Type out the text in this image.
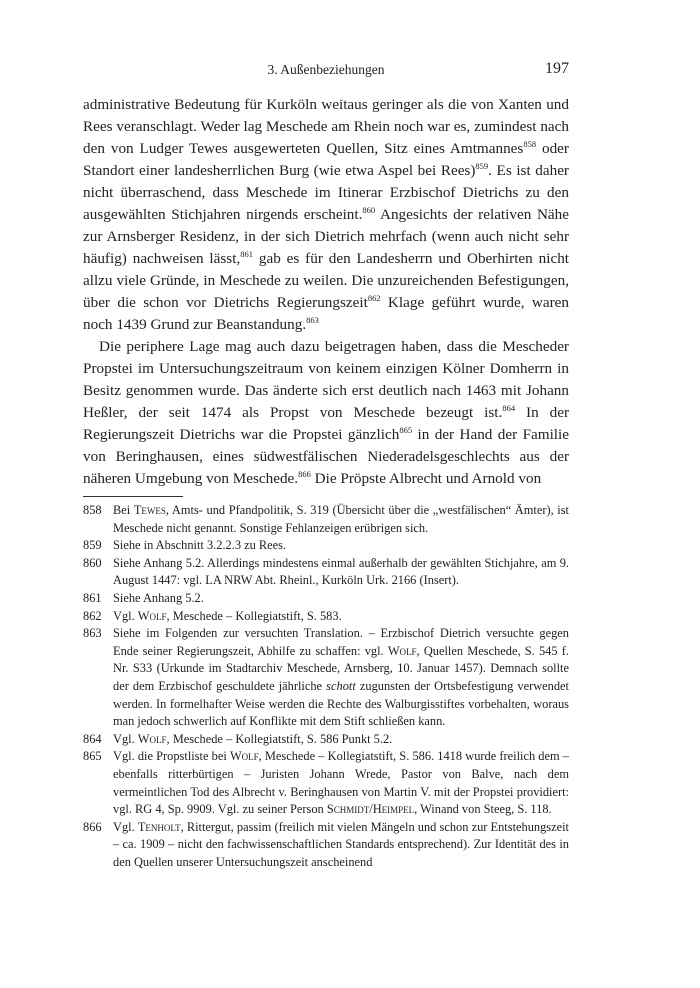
3. Außenbeziehungen	197

administrative Bedeutung für Kurköln weitaus geringer als die von Xanten und Rees veranschlagt. Weder lag Meschede am Rhein noch war es, zumindest nach den von Ludger Tewes ausgewerteten Quellen, Sitz eines Amtmannes$^{858}$ oder Standort einer landesherrlichen Burg (wie etwa Aspel bei Rees)$^{859}$. Es ist daher nicht überraschend, dass Meschede im Itinerar Erzbischof Dietrichs zu den ausgewählten Stichjahren nirgends erscheint.$^{860}$ Angesichts der relativen Nähe zur Arnsberger Residenz, in der sich Dietrich mehrfach (wenn auch nicht sehr häufig) nachweisen lässt,$^{861}$ gab es für den Landesherrn und Oberhirten nicht allzu viele Gründe, in Meschede zu weilen. Die unzureichenden Befestigungen, über die schon vor Dietrichs Regierungszeit$^{862}$ Klage geführt wurde, waren noch 1439 Grund zur Beanstandung.$^{863}$

Die periphere Lage mag auch dazu beigetragen haben, dass die Mescheder Propstei im Untersuchungszeitraum von keinem einzigen Kölner Domherrn in Besitz genommen wurde. Das änderte sich erst deutlich nach 1463 mit Johann Heßler, der seit 1474 als Propst von Meschede bezeugt ist.$^{864}$ In der Regierungszeit Dietrichs war die Propstei gänzlich$^{865}$ in der Hand der Familie von Beringhausen, eines südwestfälischen Niederadelsgeschlechts aus der näheren Umgebung von Meschede.$^{866}$ Die Pröpste Albrecht und Arnold von

858 Bei Tewes, Amts- und Pfandpolitik, S. 319 (Übersicht über die „westfälischen“ Ämter), ist Meschede nicht genannt. Sonstige Fehlanzeigen erübrigen sich.
859 Siehe in Abschnitt 3.2.2.3 zu Rees.
860 Siehe Anhang 5.2. Allerdings mindestens einmal außerhalb der gewählten Stichjahre, am 9. August 1447: vgl. LA NRW Abt. Rheinl., Kurköln Urk. 2166 (Insert).
861 Siehe Anhang 5.2.
862 Vgl. Wolf, Meschede – Kollegiatstift, S. 583.
863 Siehe im Folgenden zur versuchten Translation. – Erzbischof Dietrich versuchte gegen Ende seiner Regierungszeit, Abhilfe zu schaffen: vgl. Wolf, Quellen Meschede, S. 545 f. Nr. S33 (Urkunde im Stadtarchiv Meschede, Arnsberg, 10. Januar 1457). Demnach sollte der dem Erzbischof geschuldete jährliche schott zugunsten der Ortsbefestigung verwendet werden. In formelhafter Weise werden die Rechte des Walburgisstiftes vorbehalten, woraus man jedoch schwerlich auf Konflikte mit dem Stift schließen kann.
864 Vgl. Wolf, Meschede – Kollegiatstift, S. 586 Punkt 5.2.
865 Vgl. die Propstliste bei Wolf, Meschede – Kollegiatstift, S. 586. 1418 wurde freilich dem – ebenfalls ritterbürtigen – Juristen Johann Wrede, Pastor von Balve, nach dem vermeintlichen Tod des Albrecht v. Beringhausen von Martin V. mit der Propstei providiert: vgl. RG 4, Sp. 9909. Vgl. zu seiner Person Schmidt/Heimpel, Winand von Steeg, S. 118.
866 Vgl. Tenholt, Rittergut, passim (freilich mit vielen Mängeln und schon zur Entstehungszeit – ca. 1909 – nicht den fachwissenschaftlichen Standards entsprechend). Zur Identität des in den Quellen unserer Untersuchungszeit anscheinend
